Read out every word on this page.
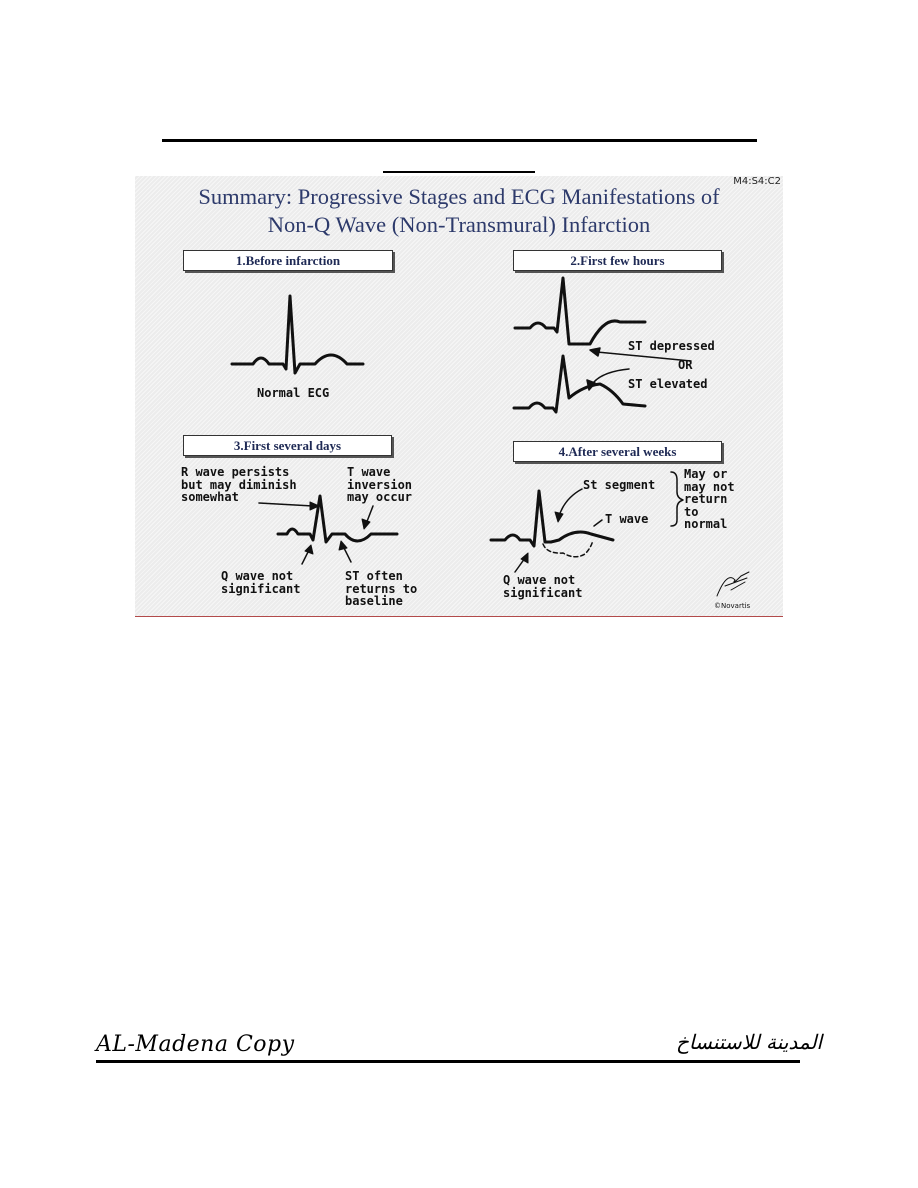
M4:S4:C2
Summary: Progressive Stages and ECG Manifestations of
Non-Q Wave (Non-Transmural) Infarction
1.Before infarction	2.First few hours
3.First several days	4.After several weeks
Normal ECG
ST depressed
OR
ST elevated
R wave persists
but may diminish
somewhat
T wave
inversion
may occur
Q wave not
significant
ST often
returns to
baseline
St segment
T wave
May or
may not
return
to
normal
Q wave not
significant
©Novartis
AL-Madena Copy	المدينة للاستنساخ
